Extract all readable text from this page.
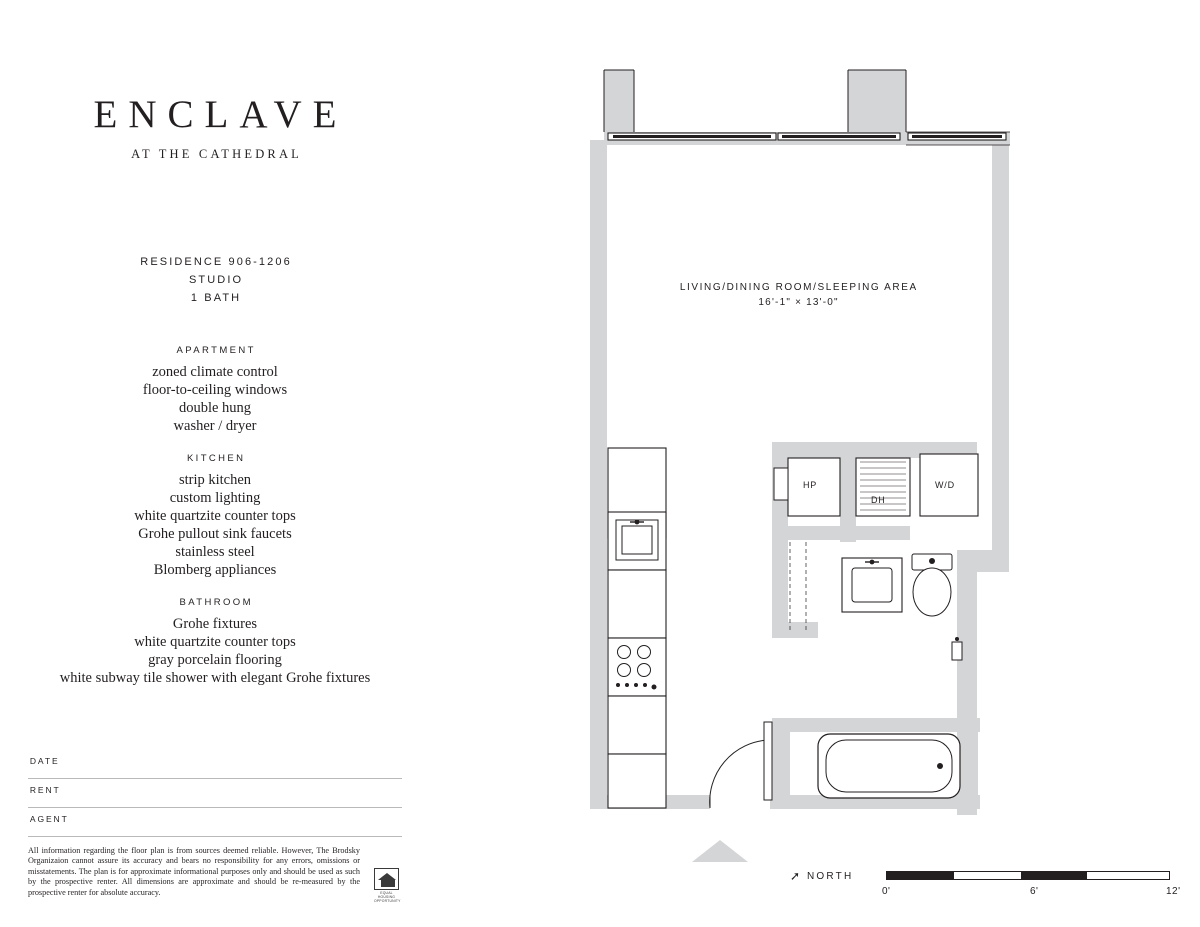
ENCLAVE
AT THE CATHEDRAL
RESIDENCE 906-1206
STUDIO
1 BATH
APARTMENT
zoned climate control
floor-to-ceiling windows
double hung
washer / dryer
KITCHEN
strip kitchen
custom lighting
white quartzite counter tops
Grohe pullout sink faucets
stainless steel
Blomberg appliances
BATHROOM
Grohe fixtures
white quartzite counter tops
gray porcelain flooring
white subway tile shower with elegant Grohe fixtures
DATE
RENT
AGENT
All information regarding the floor plan is from sources deemed reliable. However, The Brodsky Organizaion cannot assure its accuracy and bears no responsibility for any errors, omissions or misstatements. The plan is for approximate informational purposes only and should be used as such by the prospective renter. All dimensions are approximate and should be re-measured by the prospective renter for absolute accuracy.	EQUAL HOUSING OPPORTUNITY
LIVING/DINING ROOM/SLEEPING AREA
16'-1" × 13'-0"
HP
DH
W/D
➚ NORTH
0'	6'	12'
